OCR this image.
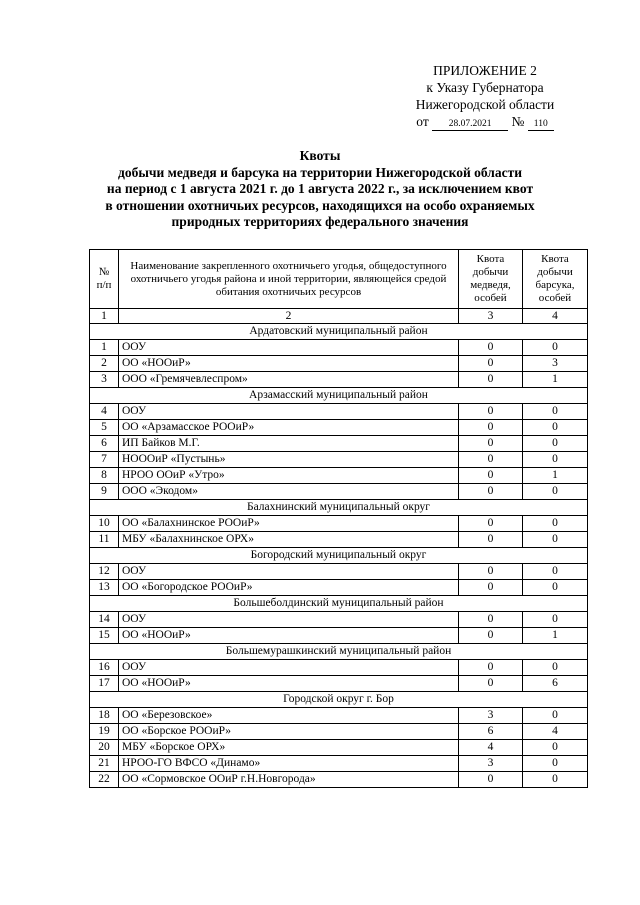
ПРИЛОЖЕНИЕ 2
к Указу Губернатора
Нижегородской области
от 28.07.2021 № 110
Квоты
добычи медведя и барсука на территории Нижегородской области
на период с 1 августа 2021 г. до 1 августа 2022 г., за исключением квот
в отношении охотничьих ресурсов, находящихся на особо охраняемых
природных территориях федерального значения
№ п/п	Наименование закрепленного охотничьего угодья, общедоступного охотничьего угодья района и иной территории, являющейся средой обитания охотничьих ресурсов	Квота добычи медведя, особей	Квота добычи барсука, особей
1	2	3	4
Ардатовский муниципальный район			
1	ООУ	0	0
2	ОО «НООиР»	0	3
3	ООО «Гремячевлеспром»	0	1
Арзамасский муниципальный район			
4	ООУ	0	0
5	ОО «Арзамасское РООиР»	0	0
6	ИП Байков М.Г.	0	0
7	НОООиР «Пустынь»	0	0
8	НРОО ООиР «Утро»	0	1
9	ООО «Экодом»	0	0
Балахнинский муниципальный округ			
10	ОО «Балахнинское РООиР»	0	0
11	МБУ «Балахнинское ОРХ»	0	0
Богородский муниципальный округ			
12	ООУ	0	0
13	ОО «Богородское РООиР»	0	0
Большеболдинский муниципальный район			
14	ООУ	0	0
15	ОО «НООиР»	0	1
Большемурашкинский муниципальный район			
16	ООУ	0	0
17	ОО «НООиР»	0	6
Городской округ г. Бор			
18	ОО «Березовское»	3	0
19	ОО «Борское РООиР»	6	4
20	МБУ «Борское ОРХ»	4	0
21	НРОО-ГО ВФСО «Динамо»	3	0
22	ОО «Сормовское ООиР г.Н.Новгорода»	0	0
